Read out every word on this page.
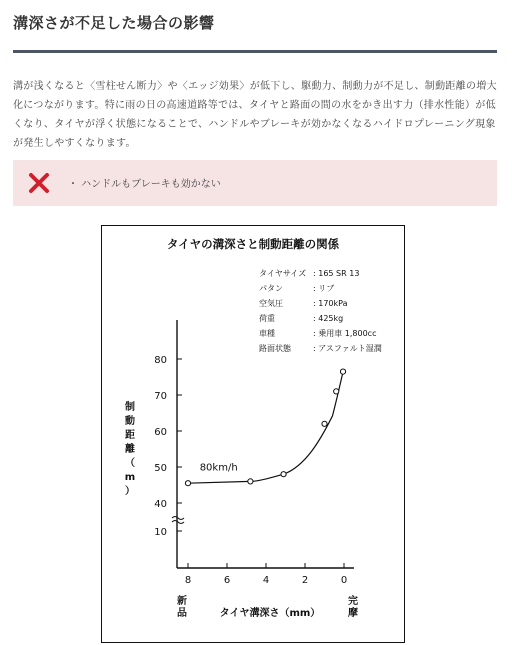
溝深さが不足した場合の影響

溝が浅くなると〈雪柱せん断力〉や〈エッジ効果〉が低下し、駆動力、制動力が不足し、制動距離の増大化につながります。特に雨の日の高速道路等では、タイヤと路面の間の水をかき出す力（排水性能）が低くなり、タイヤが浮く状態になることで、ハンドルやブレーキが効かなくなるハイドロプレーニング現象が発生しやすくなります。

・ ハンドルもブレーキも効かない
タイヤの溝深さと制動距離の関係
タイヤサイズ : 165 SR 13
パタン	: リブ
空気圧	: 170kPa
荷重	: 425kg
車種	: 乗用車 1,800cc
路面状態	: アスファルト湿潤
80
70
60
50
40
10
8	6	4	2	0
80km/h
制動距離（ m ）
タイヤ溝深さ（mm）
新品
完摩
